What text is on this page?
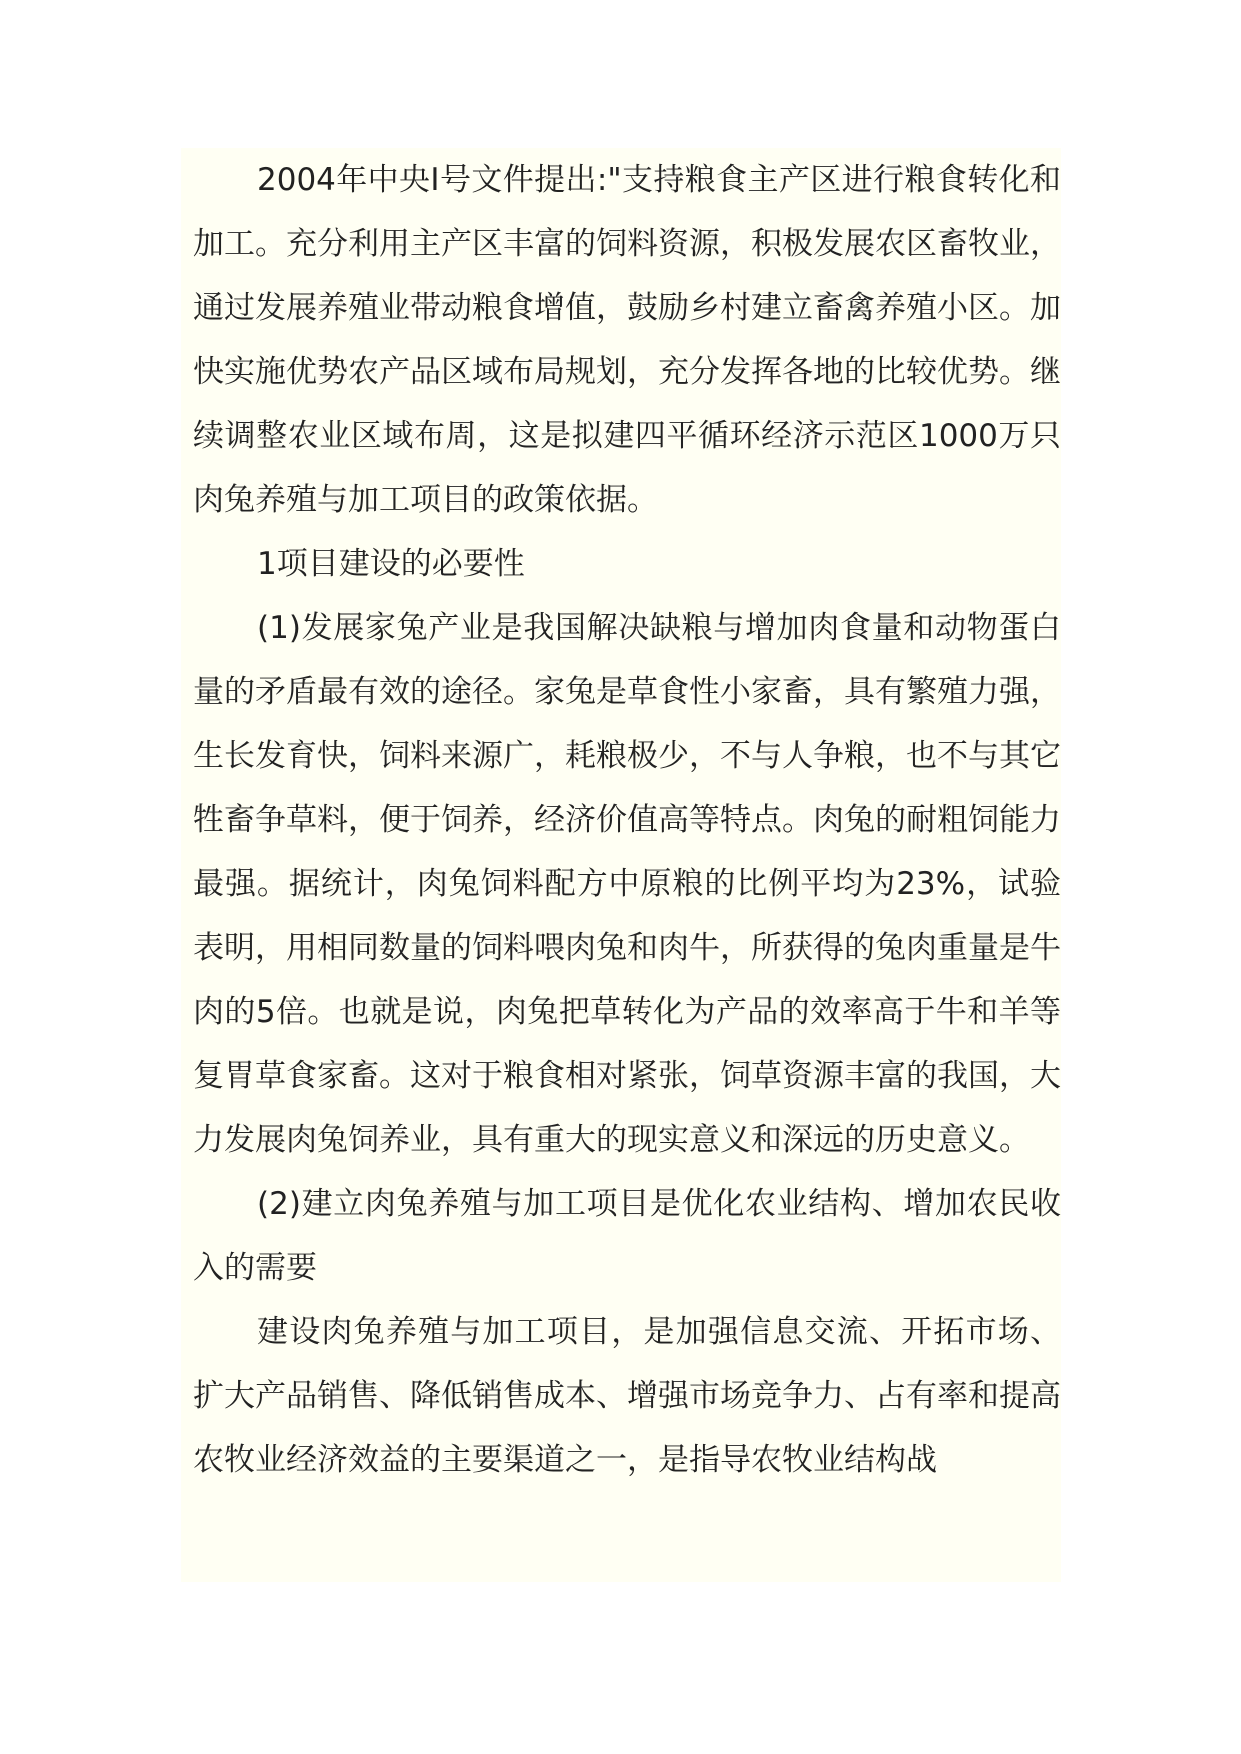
2004年中央Ⅰ号文件提出:"支持粮食主产区进行粮食转化和加工。充分利用主产区丰富的饲料资源，积极发展农区畜牧业，通过发展养殖业带动粮食增值，鼓励乡村建立畜禽养殖小区。加快实施优势农产品区域布局规划，充分发挥各地的比较优势。继续调整农业区域布周，这是拟建四平循环经济示范区1000万只肉兔养殖与加工项目的政策依据。

1项目建设的必要性

(1)发展家兔产业是我国解决缺粮与增加肉食量和动物蛋白量的矛盾最有效的途径。家兔是草食性小家畜，具有繁殖力强，生长发育快，饲料来源广，耗粮极少，不与人争粮，也不与其它牲畜争草料，便于饲养，经济价值高等特点。肉兔的耐粗饲能力最强。据统计，肉兔饲料配方中原粮的比例平均为23%，试验表明，用相同数量的饲料喂肉兔和肉牛，所获得的兔肉重量是牛肉的5倍。也就是说，肉兔把草转化为产品的效率高于牛和羊等复胃草食家畜。这对于粮食相对紧张，饲草资源丰富的我国，大力发展肉兔饲养业，具有重大的现实意义和深远的历史意义。

(2)建立肉兔养殖与加工项目是优化农业结构、增加农民收入的需要

建设肉兔养殖与加工项目，是加强信息交流、开拓市场、扩大产品销售、降低销售成本、增强市场竞争力、占有率和提高农牧业经济效益的主要渠道之一，是指导农牧业结构战
